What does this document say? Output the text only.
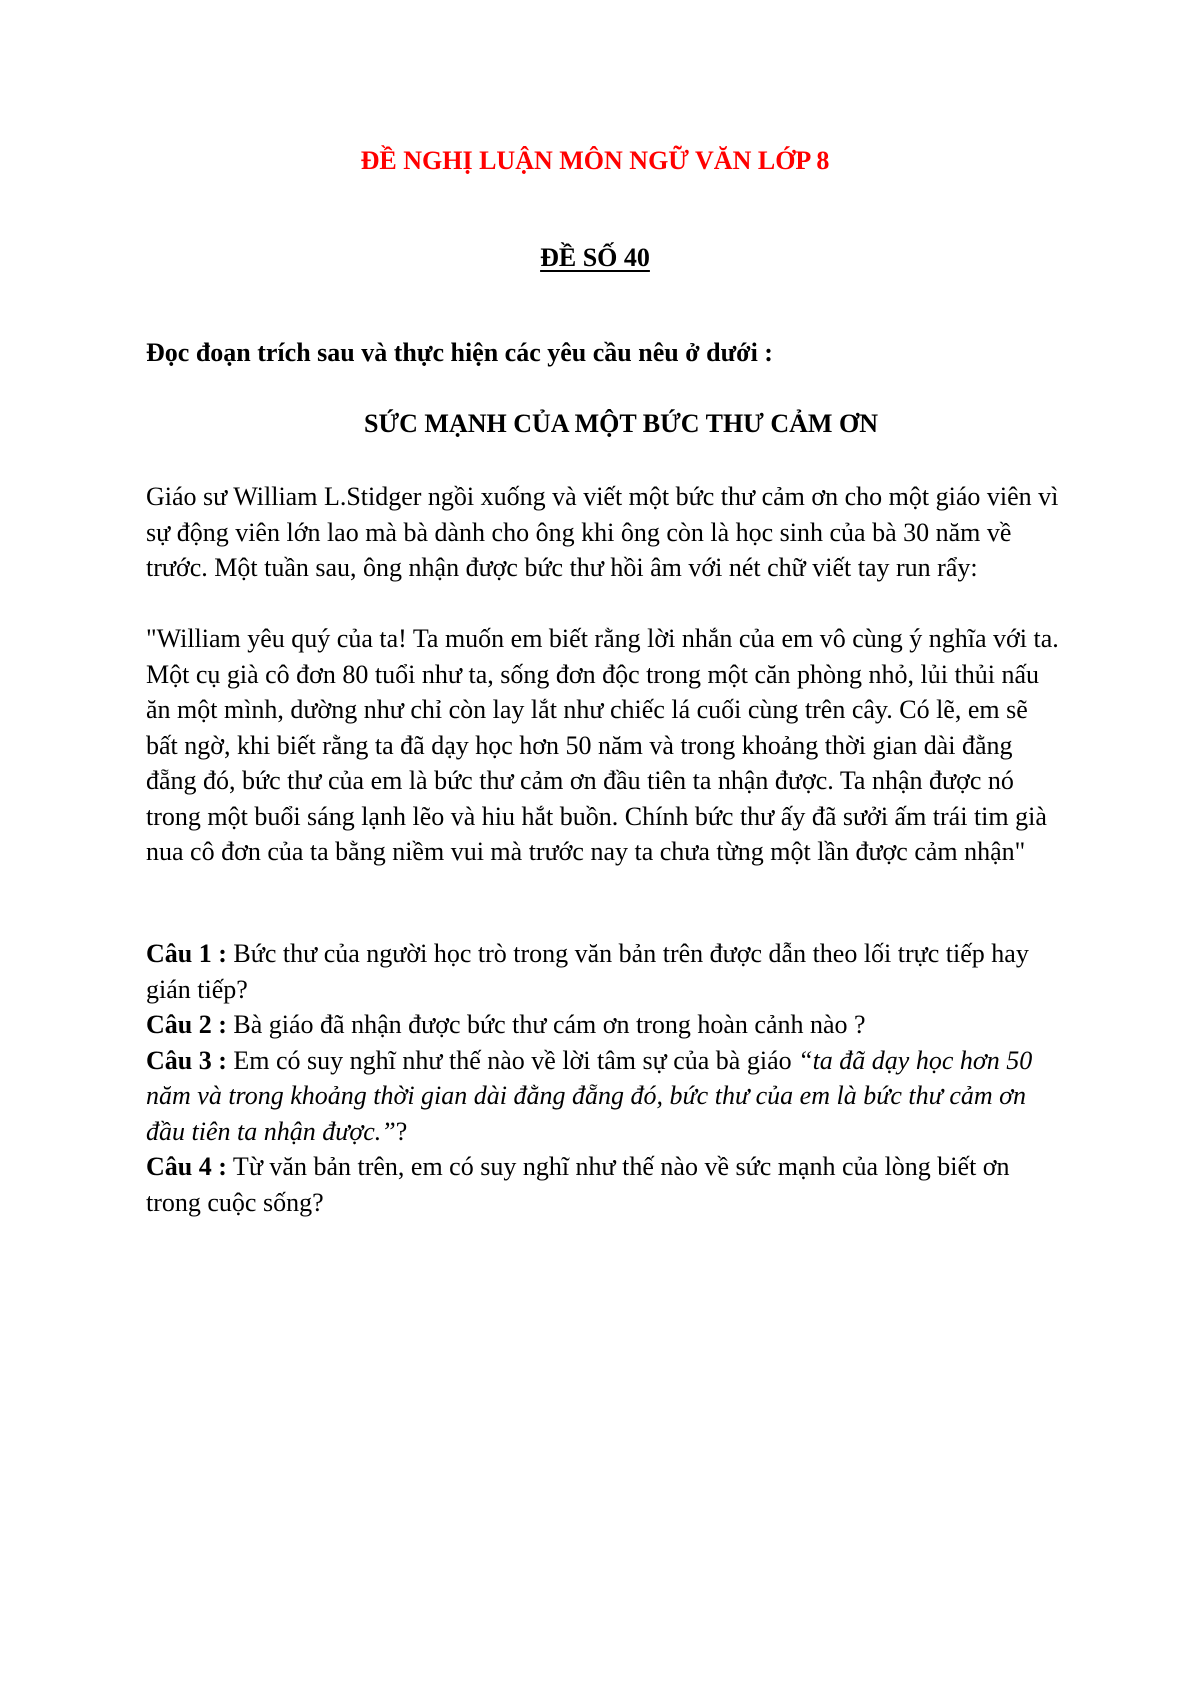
ĐỀ NGHỊ LUẬN MÔN NGỮ VĂN LỚP 8
ĐỀ SỐ 40
Đọc đoạn trích sau và thực hiện các yêu cầu nêu ở dưới :
SỨC MẠNH CỦA MỘT BỨC THƯ CẢM ƠN

Giáo sư William L.Stidger ngồi xuống và viết một bức thư cảm ơn cho một giáo viên vì sự động viên lớn lao mà bà dành cho ông khi ông còn là học sinh của bà 30 năm về trước. Một tuần sau, ông nhận được bức thư hồi âm với nét chữ viết tay run rẩy:

"William yêu quý của ta! Ta muốn em biết rằng lời nhắn của em vô cùng ý nghĩa với ta. Một cụ già cô đơn 80 tuổi như ta, sống đơn độc trong một căn phòng nhỏ, lủi thủi nấu ăn một mình, dường như chỉ còn lay lắt như chiếc lá cuối cùng trên cây. Có lẽ, em sẽ bất ngờ, khi biết rằng ta đã dạy học hơn 50 năm và trong khoảng thời gian dài đằng đẵng đó, bức thư của em là bức thư cảm ơn đầu tiên ta nhận được. Ta nhận được nó trong một buổi sáng lạnh lẽo và hiu hắt buồn. Chính bức thư ấy đã sưởi ấm trái tim già nua cô đơn của ta bằng niềm vui mà trước nay ta chưa từng một lần được cảm nhận"

Câu 1 : Bức thư của người học trò trong văn bản trên được dẫn theo lối trực tiếp hay gián tiếp?

Câu 2 : Bà giáo đã nhận được bức thư cám ơn trong hoàn cảnh nào ?

Câu 3 : Em có suy nghĩ như thế nào về lời tâm sự của bà giáo “ta đã dạy học hơn 50 năm và trong khoảng thời gian dài đằng đẵng đó, bức thư của em là bức thư cảm ơn đầu tiên ta nhận được.”?

Câu 4 : Từ văn bản trên, em có suy nghĩ như thế nào về sức mạnh của lòng biết ơn trong cuộc sống?
